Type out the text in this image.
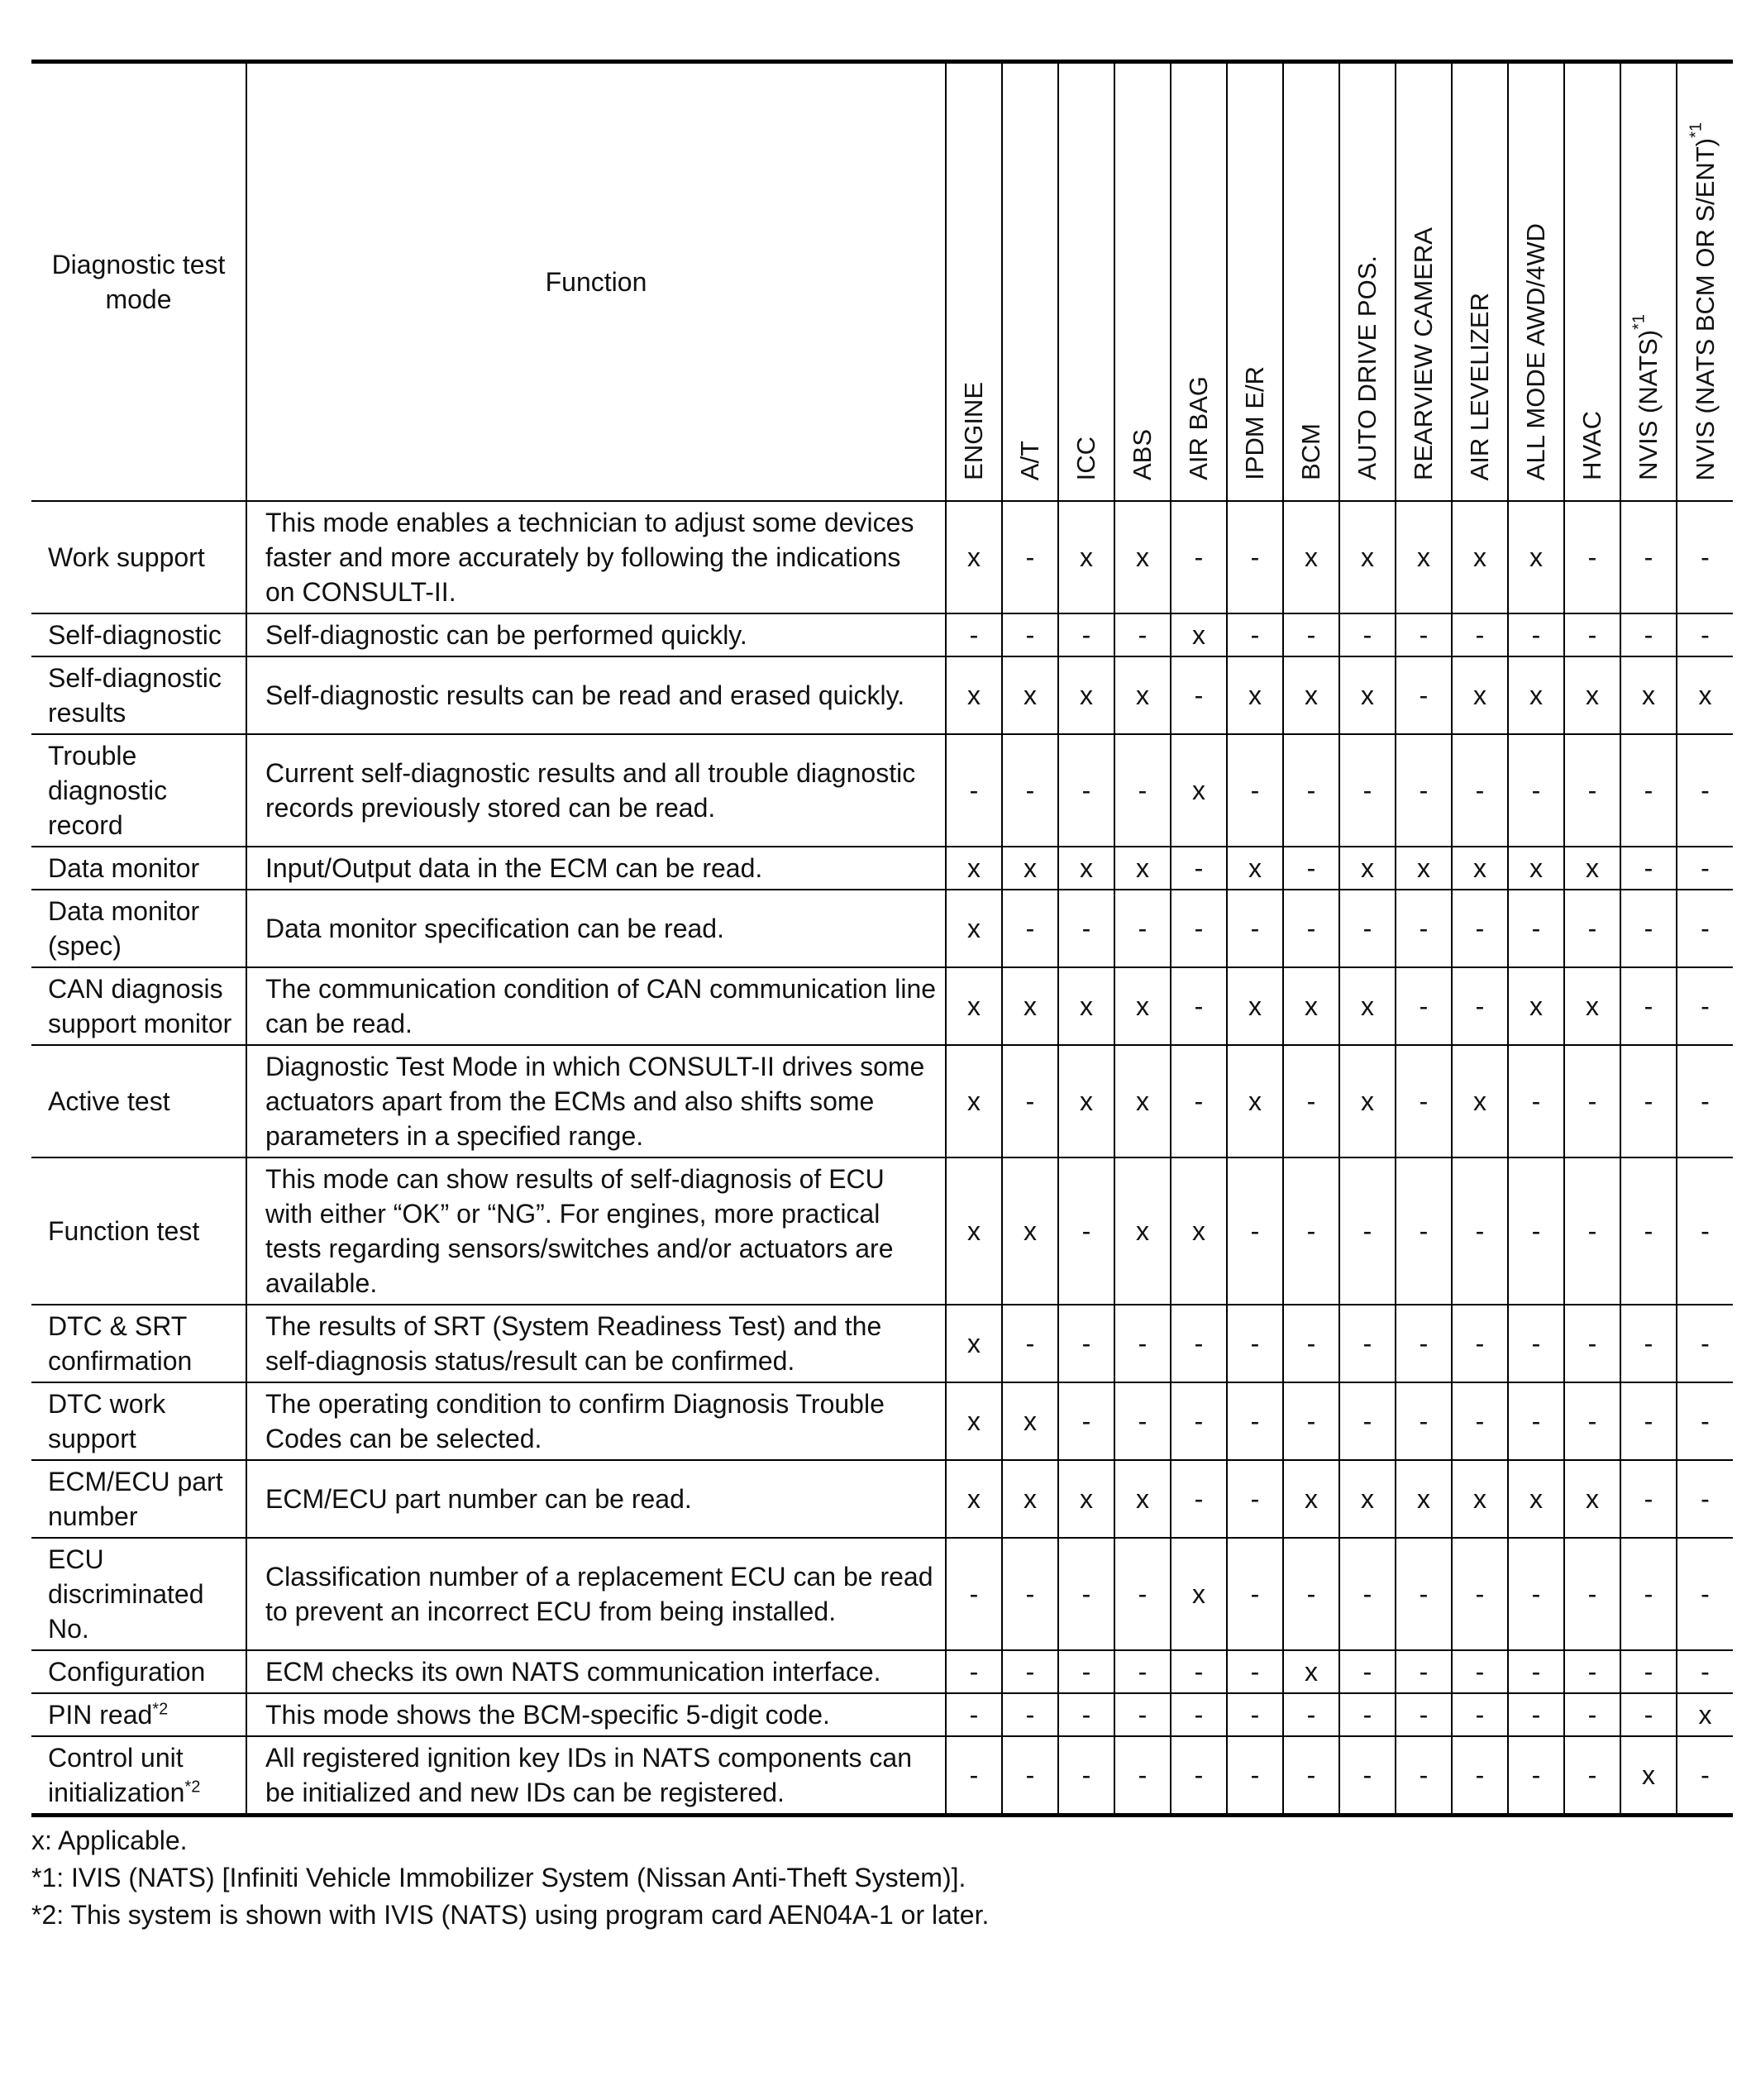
Diagnostic test mode	Function	ENGINE	A/T	ICC	ABS	AIR BAG	IPDM E/R	BCM	AUTO DRIVE POS.	REARVIEW CAMERA	AIR LEVELIZER	ALL MODE AWD/4WD	HVAC	NVIS (NATS)$^{*1}$	NVIS (NATS BCM OR S/ENT)$^{*1}$

Work support	This mode enables a technician to adjust some devices faster and more accurately by following the indications on CONSULT-II.	x	-	x	x	-	-	x	x	x	x	x	-	-	-
Self-diagnostic	Self-diagnostic can be performed quickly.	-	-	-	-	x	-	-	-	-	-	-	-	-	-
Self-diagnostic results	Self-diagnostic results can be read and erased quickly.	x	x	x	x	-	x	x	x	-	x	x	x	x	x
Trouble diagnostic record	Current self-diagnostic results and all trouble diagnostic records previously stored can be read.	-	-	-	-	x	-	-	-	-	-	-	-	-	-
Data monitor	Input/Output data in the ECM can be read.	x	x	x	x	-	x	-	x	x	x	x	x	-	-
Data monitor (spec)	Data monitor specification can be read.	x	-	-	-	-	-	-	-	-	-	-	-	-	-
CAN diagnosis support monitor	The communication condition of CAN communication line can be read.	x	x	x	x	-	x	x	x	-	-	x	x	-	-
Active test	Diagnostic Test Mode in which CONSULT-II drives some actuators apart from the ECMs and also shifts some parameters in a specified range.	x	-	x	x	-	x	-	x	-	x	-	-	-	-
Function test	This mode can show results of self-diagnosis of ECU with either “OK” or “NG”. For engines, more practical tests regarding sensors/switches and/or actuators are available.	x	x	-	x	x	-	-	-	-	-	-	-	-	-
DTC & SRT confirmation	The results of SRT (System Readiness Test) and the self-diagnosis status/result can be confirmed.	x	-	-	-	-	-	-	-	-	-	-	-	-	-
DTC work support	The operating condition to confirm Diagnosis Trouble Codes can be selected.	x	x	-	-	-	-	-	-	-	-	-	-	-	-
ECM/ECU part number	ECM/ECU part number can be read.	x	x	x	x	-	-	x	x	x	x	x	x	-	-
ECU discriminated No.	Classification number of a replacement ECU can be read to prevent an incorrect ECU from being installed.	-	-	-	-	x	-	-	-	-	-	-	-	-	-
Configuration	ECM checks its own NATS communication interface.	-	-	-	-	-	-	x	-	-	-	-	-	-	-
PIN read$^{*2}$	This mode shows the BCM-specific 5-digit code.	-	-	-	-	-	-	-	-	-	-	-	-	-	x
Control unit initialization$^{*2}$	All registered ignition key IDs in NATS components can be initialized and new IDs can be registered.	-	-	-	-	-	-	-	-	-	-	-	-	x	-
x: Applicable.
*1: IVIS (NATS) [Infiniti Vehicle Immobilizer System (Nissan Anti-Theft System)].
*2: This system is shown with IVIS (NATS) using program card AEN04A-1 or later.
